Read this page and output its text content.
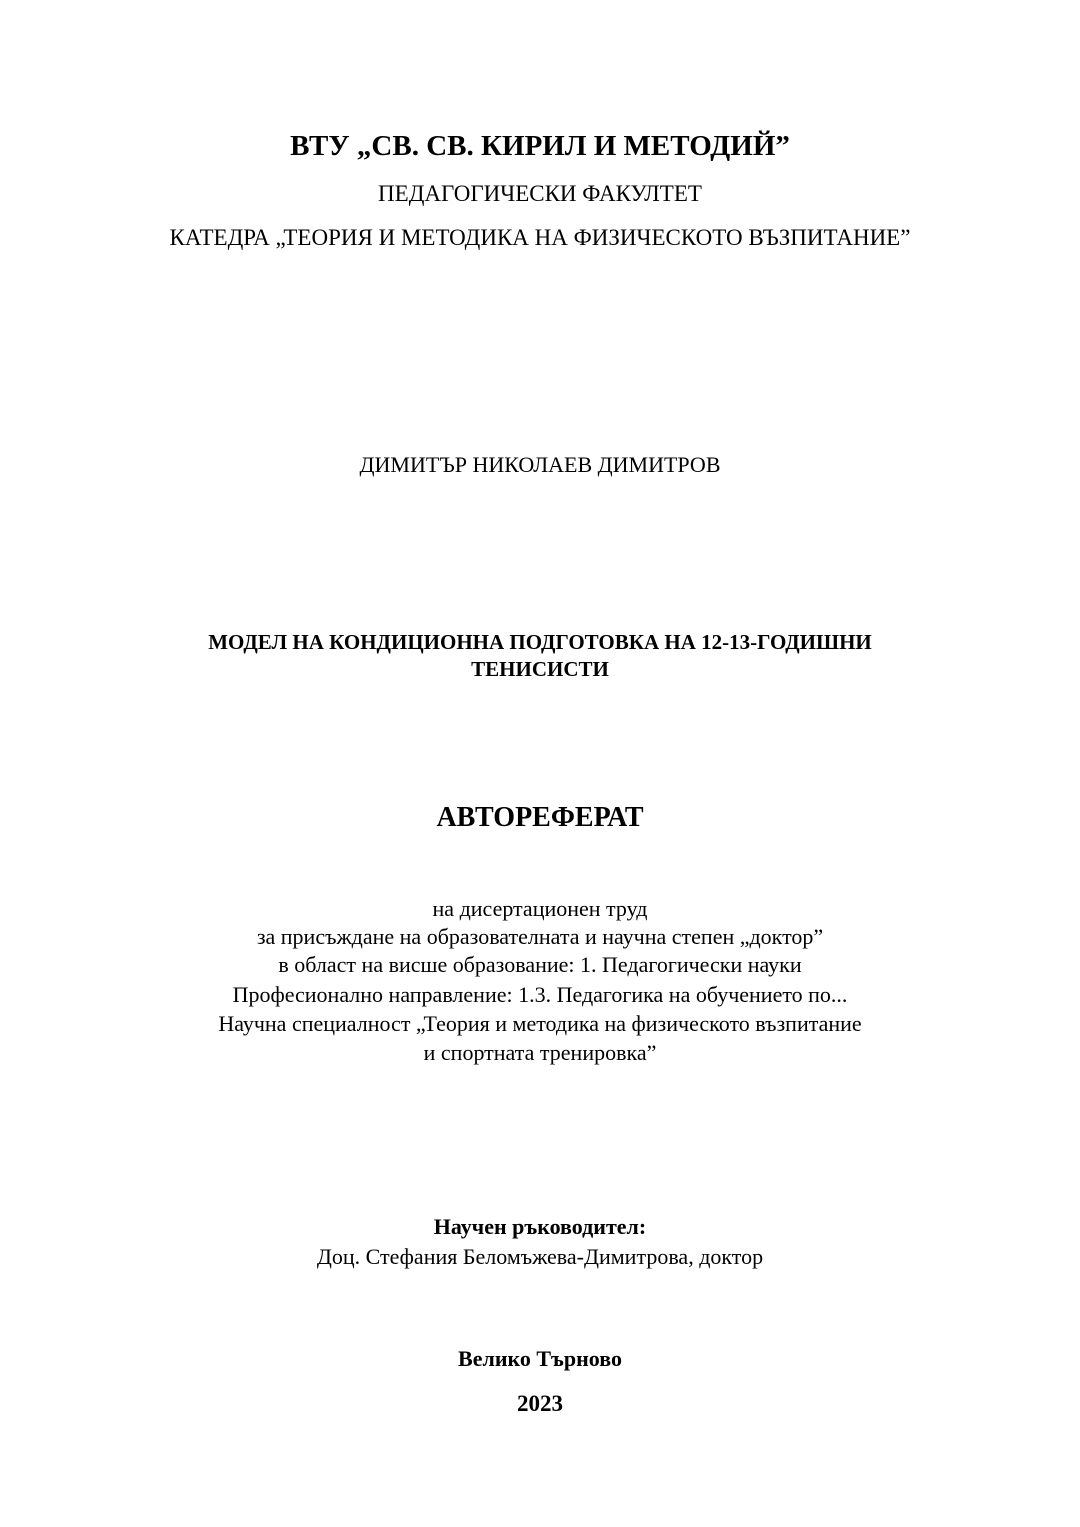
ВТУ „СВ. СВ. КИРИЛ И МЕТОДИЙ”
ПЕДАГОГИЧЕСКИ ФАКУЛТЕТ
КАТЕДРА „ТЕОРИЯ И МЕТОДИКА НА ФИЗИЧЕСКОТО ВЪЗПИТАНИЕ”
ДИМИТЪР НИКОЛАЕВ ДИМИТРОВ
МОДЕЛ НА КОНДИЦИОННА ПОДГОТОВКА НА 12-13-ГОДИШНИ
ТЕНИСИСТИ
АВТОРЕФЕРАТ
на дисертационен труд
за присъждане на образователната и научна степен „доктор”
в област на висше образование: 1. Педагогически науки
Професионално направление: 1.3. Педагогика на обучението по...
Научна специалност „Теория и методика на физическото възпитание
и спортната тренировка”
Научен ръководител:
Доц. Стефания Беломъжева-Димитрова, доктор
Велико Търново
2023
